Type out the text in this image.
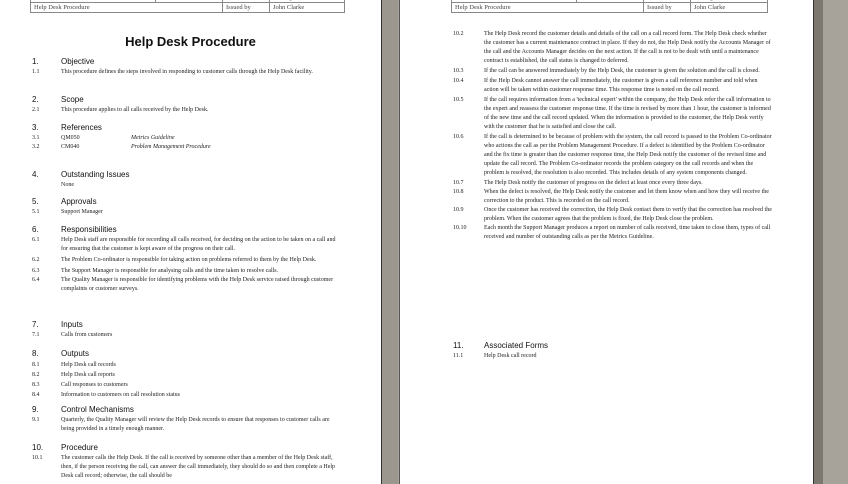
Help Desk Procedure		Issued by	John Clarke
Help Desk Procedure
1.	Objective
1.1	This procedure defines the steps involved in responding to customer calls through the Help Desk facility.
2.	Scope
2.1	This procedure applies to all calls received by the Help Desk.
3.	References
3.1	QM050	Metrics Guideline
3.2	CM040	Problem Management Procedure
4.	Outstanding Issues
None
5.	Approvals
5.1	Support Manager
6.	Responsibilities
6.1	Help Desk staff are responsible for recording all calls received, for deciding on the action to be taken on a call and for ensuring that the customer is kept aware of the progress on their call.
6.2	The Problem Co-ordinator is responsible for taking action on problems referred to them by the Help Desk.
6.3	The Support Manager is responsible for analysing calls and the time taken to resolve calls.
6.4	The Quality Manager is responsible for identifying problems with the Help Desk service raised through customer complaints or customer surveys.
7.	Inputs
7.1	Calls from customers
8.	Outputs
8.1	Help Desk call records
8.2	Help Desk call reports
8.3	Call responses to customers
8.4	Information to customers on call resolution status
9.	Control Mechanisms
9.1	Quarterly, the Quality Manager will review the Help Desk records to ensure that responses to customer calls are being provided in a timely enough manner.
10. Procedure
10.1	The customer calls the Help Desk. If the call is received by someone other than a member of the Help Desk staff, then, if the person receiving the call, can answer the call immediately, they should do so and then complete a Help Desk call record; otherwise, the call should be

Help Desk Procedure		Issued by	John Clarke
10.2	The Help Desk record the customer details and details of the call on a call record form. The Help Desk check whether the customer has a current maintenance contract in place. If they do not, the Help Desk notify the Accounts Manager of the call and the Accounts Manager decides on the next action. If the call is not to be dealt with until a maintenance contract is established, the call status is changed to deferred.
10.3	If the call can be answered immediately by the Help Desk, the customer is given the solution and the call is closed.
10.4	If the Help Desk cannot answer the call immediately, the customer is given a call reference number and told when action will be taken within customer response time. This response time is noted on the call record.
10.5	If the call requires information from a 'technical expert' within the company, the Help Desk refer the call information to the expert and reassess the customer response time. If the time is revised by more than 1 hour, the customer is informed of the new time and the call record updated. When the information is provided to the customer, the Help Desk verify with the customer that he is satisfied and close the call.
10.6	If the call is determined to be because of problem with the system, the call record is passed to the Problem Co-ordinator who actions the call as per the Problem Management Procedure. If a defect is identified by the Problem Co-ordinator and the fix time is greater than the customer response time, the Help Desk notify the customer of the revised time and update the call record. The Problem Co-ordinator records the problem category on the call records and when the problem is resolved, the resolution is also recorded. This includes details of any system components changed.
10.7	The Help Desk notify the customer of progress on the defect at least once every three days.
10.8	When the defect is resolved, the Help Desk notify the customer and let them know when and how they will receive the correction to the product. This is recorded on the call record.
10.9	Once the customer has received the correction, the Help Desk contact them to verify that the correction has resolved the problem. When the customer agrees that the problem is fixed, the Help Desk close the problem.
10.10	Each month the Support Manager produces a report on number of calls received, time taken to close them, types of call received and number of outstanding calls as per the Metrics Guideline.
11.	Associated Forms
11.1	Help Desk call record
